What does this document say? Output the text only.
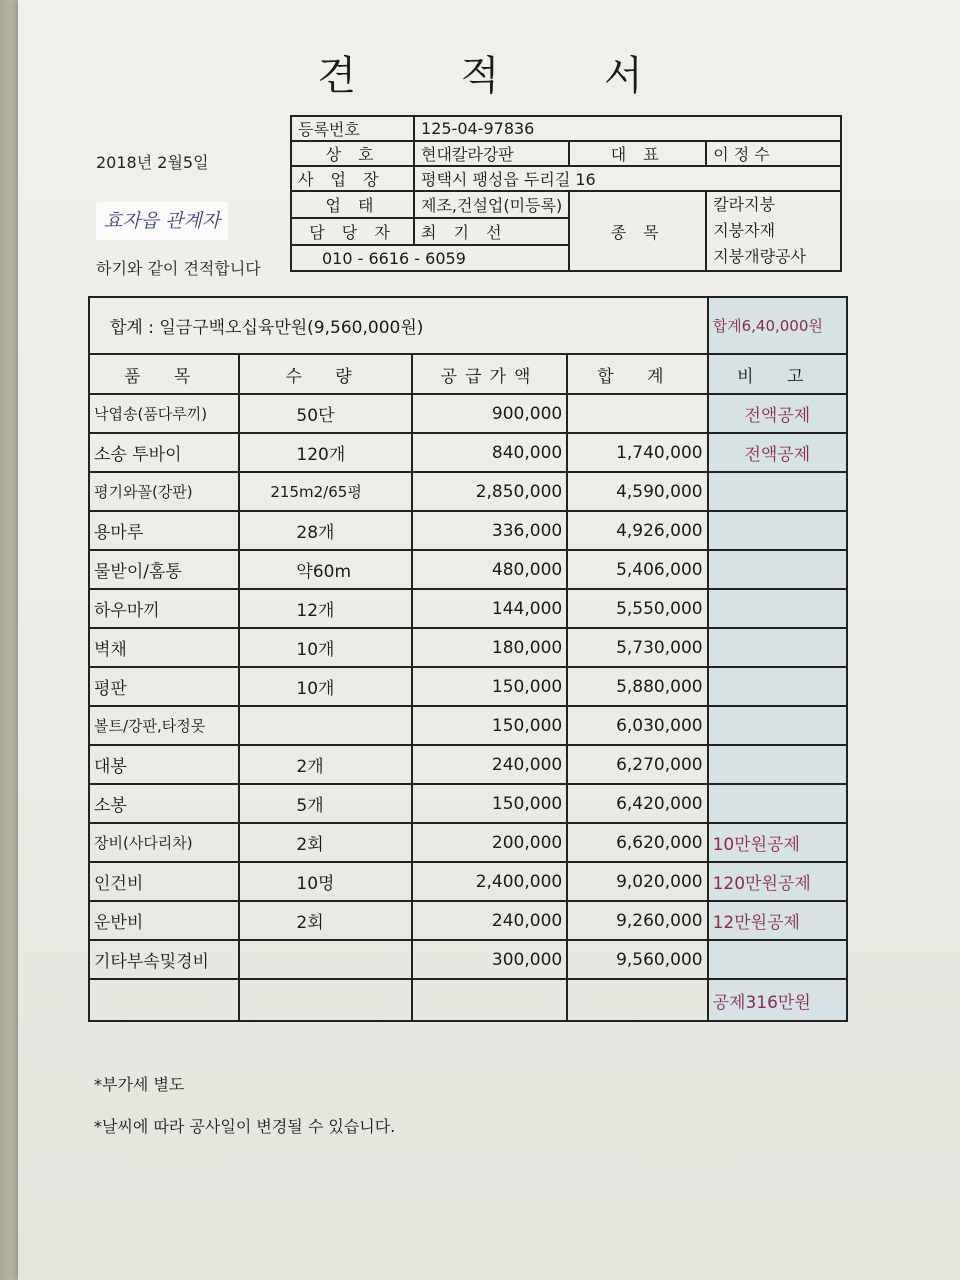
견 적 서
2018년 2월5일
효자읍 관계자
하기와 같이 견적합니다
등록번호	125-04-97836		
상 호	현대칼라강판	대 표	이 정 수
사 업 장	평택시 팽성읍 두리길 16		
업 태	제조,건설업(미등록)	종 목	칼라지붕
지붕자재
지붕개량공사

담 당 자	최 기 선		
010 - 6616 - 6059			
합계 : 일금구백오십육만원(9,560,000원)				합계6,40,000원
품 목	수 량	공급가액	합 계	비 고
낙엽송(품다루끼)	50단	900,000		전액공제
소송 투바이	120개	840,000	1,740,000	전액공제
평기와꼴(강판)	215m2/65평	2,850,000	4,590,000	
용마루	28개	336,000	4,926,000	
물받이/홈통	약60m	480,000	5,406,000	
하우마끼	12개	144,000	5,550,000	
벽채	10개	180,000	5,730,000	
평판	10개	150,000	5,880,000	
볼트/강판,타정못		150,000	6,030,000	
대봉	2개	240,000	6,270,000	
소봉	5개	150,000	6,420,000	
장비(사다리차)	2회	200,000	6,620,000	10만원공제
인건비	10명	2,400,000	9,020,000	120만원공제
운반비	2회	240,000	9,260,000	12만원공제
기타부속및경비		300,000	9,560,000	
				공제316만원
*부가세 별도
*날씨에 따라 공사일이 변경될 수 있습니다.
